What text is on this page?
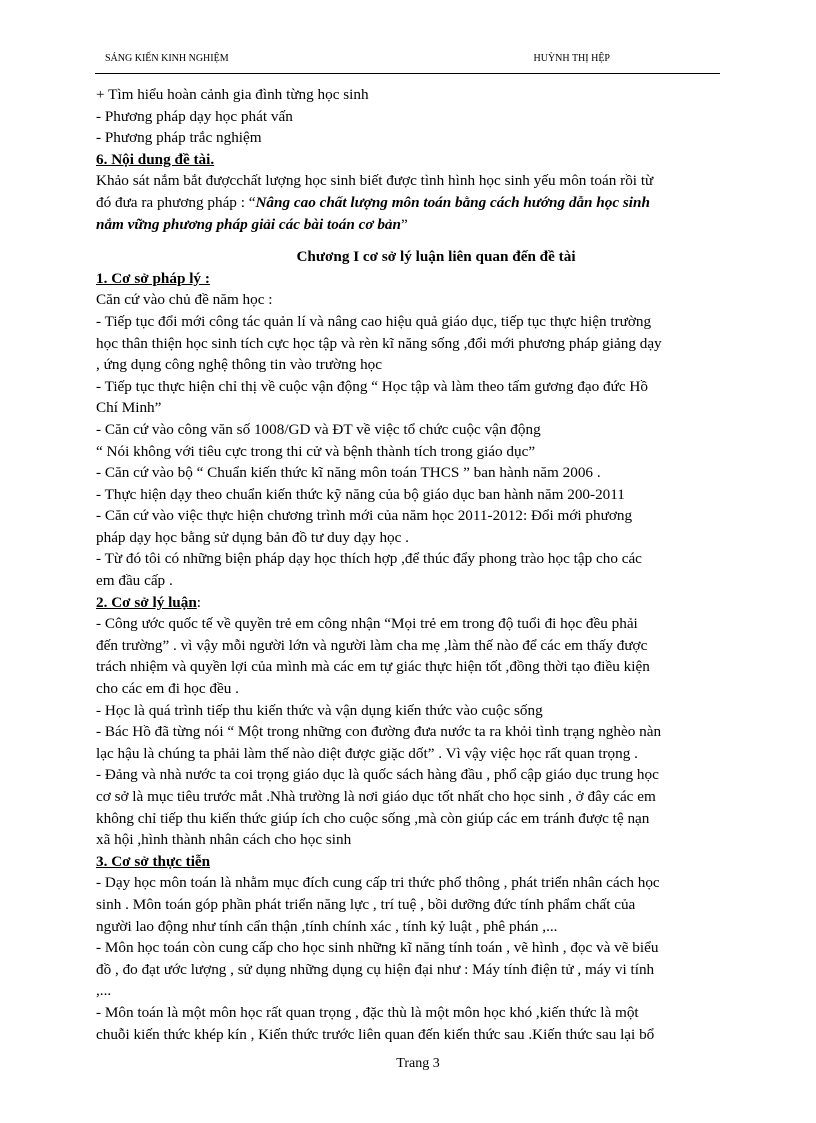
SÁNG KIẾN KINH NGHIỆM	HUỲNH THỊ HỆP
+ Tìm hiểu hoàn cảnh gia đình từng học sinh
- Phương pháp dạy học phát vấn
- Phương pháp trắc nghiệm
6. Nội dung đề tài.
Khảo sát nắm bắt đượcchất lượng học sinh biết được tình hình học sinh yếu môn toán rồi từ
đó đưa ra phương pháp : “Nâng cao chất lượng môn toán bằng cách hướng dẫn học sinh
nắm vững phương pháp giải các bài toán cơ bản”
Chương I cơ sở lý luận liên quan đến đề tài
1. Cơ sở pháp lý :
Căn cứ vào chủ đề năm học :
- Tiếp tục đổi mới công tác quản lí và nâng cao hiệu quả giáo dục, tiếp tục thực hiện trường
học thân thiện học sinh tích cực học tập và rèn kĩ năng sống ,đổi mới phương pháp giảng dạy
, ứng dụng công nghệ thông tin vào trường học
- Tiếp tục thực hiện chỉ thị về cuộc vận động “ Học tập và làm theo tấm gương đạo đức Hồ
Chí Minh”
- Căn cứ vào công văn số 1008/GD và ĐT về việc tổ chức cuộc vận động
“ Nói không với tiêu cực trong thi cử và bệnh thành tích trong giáo dục”
- Căn cứ vào bộ “ Chuẩn kiến thức kĩ năng môn toán THCS ” ban hành năm 2006 .
- Thực hiện dạy theo chuẩn kiến thức kỹ năng của bộ giáo dục ban hành năm 200-2011
- Căn cứ vào việc thực hiện chương trình mới của năm học 2011-2012: Đổi mới phương
pháp dạy học bằng sử dụng bản đồ tư duy dạy học .
- Từ đó tôi có những biện pháp dạy học thích hợp ,để thúc đẩy phong trào học tập cho các
em đầu cấp .
2. Cơ sở lý luận:
- Công ước quốc tế về quyền trẻ em công nhận “Mọi trẻ em trong độ tuổi đi học đều phải
đến trường” . vì vậy mỗi người lớn và người làm cha mẹ ,làm thế nào để các em thấy được
trách nhiệm và quyền lợi của mình mà các em tự giác thực hiện tốt ,đồng thời tạo điều kiện
cho các em đi học đều .
- Học là quá trình tiếp thu kiến thức và vận dụng kiến thức vào cuộc sống
- Bác Hồ đã từng nói “ Một trong những con đường đưa nước ta ra khỏi tình trạng nghèo nàn
lạc hậu là chúng ta phải làm thế nào diệt được giặc dốt” . Vì vậy việc học rất quan trọng .
- Đảng và nhà nước ta coi trọng giáo dục là quốc sách hàng đầu , phổ cập giáo dục trung học
cơ sở là mục tiêu trước mắt .Nhà trường là nơi giáo dục tốt nhất cho học sinh , ở đây các em
không chỉ tiếp thu kiến thức giúp ích cho cuộc sống ,mà còn giúp các em tránh được tệ nạn
xã hội ,hình thành nhân cách cho học sinh
3. Cơ sở thực tiễn
- Dạy học môn toán là nhằm mục đích cung cấp tri thức phổ thông , phát triển nhân cách học
sinh . Môn toán góp phần phát triển năng lực , trí tuệ , bồi dưỡng đức tính phẩm chất của
người lao động như tính cẩn thận ,tính chính xác , tính kỷ luật , phê phán ,...
- Môn học toán còn cung cấp cho học sinh những kĩ năng tính toán , vẽ hình , đọc và vẽ biểu
đồ , đo đạt ước lượng , sử dụng những dụng cụ hiện đại như : Máy tính điện tử , máy vi tính
,...
- Môn toán là một môn học rất quan trọng , đặc thù là một môn học khó ,kiến thức là một
chuỗi kiến thức khép kín , Kiến thức trước liên quan đến kiến thức sau .Kiến thức sau lại bổ
Trang 3
